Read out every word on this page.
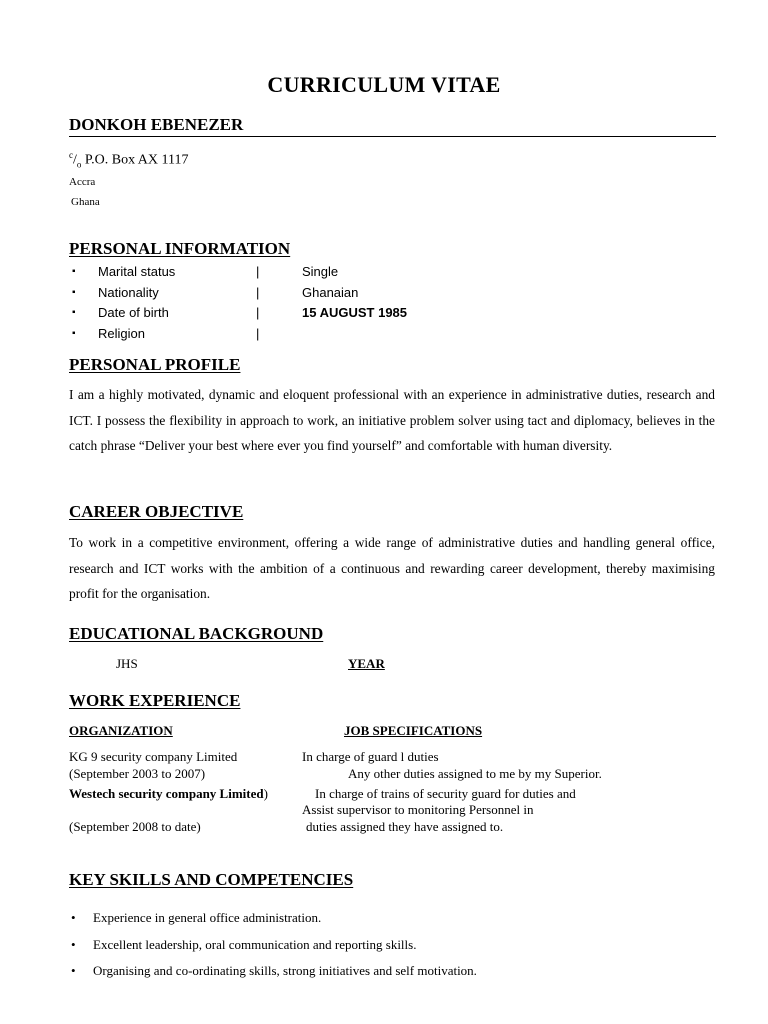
CURRICULUM VITAE
DONKOH EBENEZER
$^c/_o$ P.O. Box AX 1117
Accra
Ghana
PERSONAL INFORMATION
▪ Marital status	|	Single
▪ Nationality	|	Ghanaian
▪ Date of birth	|	15 AUGUST 1985
▪ Religion	|
PERSONAL PROFILE
I am a highly motivated, dynamic and eloquent professional with an experience in administrative duties, research and ICT. I possess the flexibility in approach to work, an initiative problem solver using tact and diplomacy, believes in the catch phrase “Deliver your best where ever you find yourself” and comfortable with human diversity.
CAREER OBJECTIVE
To work in a competitive environment, offering a wide range of administrative duties and handling general office, research and ICT works with the ambition of a continuous and rewarding career development, thereby maximising profit for the organisation.
EDUCATIONAL BACKGROUND
JHS	YEAR
WORK EXPERIENCE
ORGANIZATION	JOB SPECIFICATIONS
KG 9 security company Limited	In charge of guard l duties
(September 2003 to 2007)	Any other duties assigned to me by my Superior.
Westech security company Limited)	In charge of trains of security guard for duties and
Assist supervisor to monitoring Personnel in
(September 2008 to date)	duties assigned they have assigned to.
KEY SKILLS AND COMPETENCIES
• Experience in general office administration.
• Excellent leadership, oral communication and reporting skills.
• Organising and co-ordinating skills, strong initiatives and self motivation.
